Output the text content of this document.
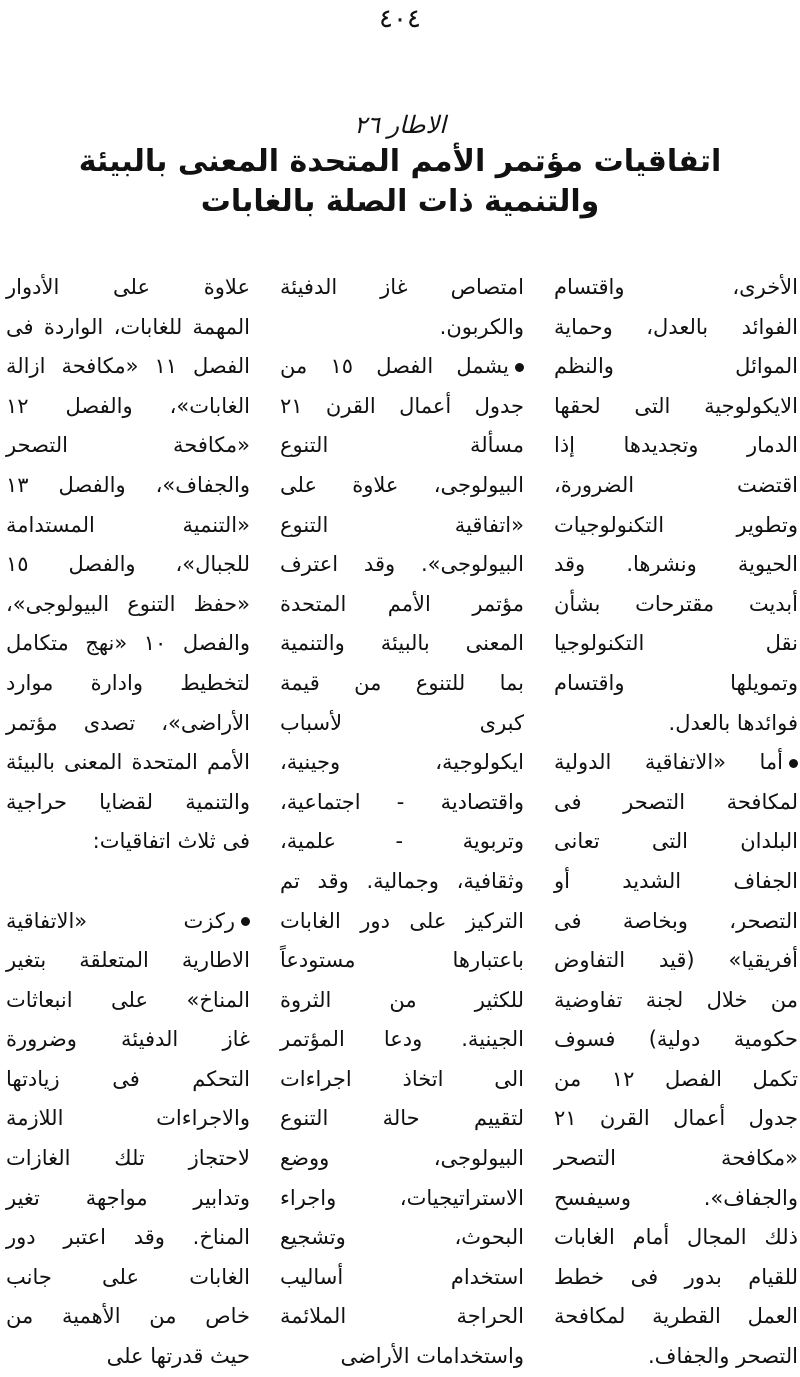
٤٠٤
الاطار ٢٦
اتفاقيات مؤتمر الأمم المتحدة المعنى بالبيئة
والتنمية ذات الصلة بالغابات
علاوة على الأدوار
المهمة للغابات، الواردة فى
الفصل ١١ «مكافحة ازالة
الغابات»، والفصل ١٢
«مكافحة التصحر
والجفاف»، والفصل ١٣
«التنمية المستدامة
للجبال»، والفصل ١٥
«حفظ التنوع البيولوجى»،
والفصل ١٠ «نهج متكامل
لتخطيط وادارة موارد
الأراضى»، تصدى مؤتمر
الأمم المتحدة المعنى بالبيئة
والتنمية لقضايا حراجية
فى ثلاث اتفاقيات:
ركزت «الاتفاقية
الاطارية المتعلقة بتغير
المناخ» على انبعاثات
غاز الدفيئة وضرورة
التحكم فى زيادتها
والاجراءات اللازمة
لاحتجاز تلك الغازات
وتدابير مواجهة تغير
المناخ. وقد اعتبر دور
الغابات على جانب
خاص من الأهمية من
حيث قدرتها على
امتصاص غاز الدفيئة
والكربون.
يشمل الفصل ١٥ من
جدول أعمال القرن ٢١
مسألة التنوع
البيولوجى، علاوة على
«اتفاقية التنوع
البيولوجى». وقد اعترف
مؤتمر الأمم المتحدة
المعنى بالبيئة والتنمية
بما للتنوع من قيمة
كبرى لأسباب
ايكولوجية، وجينية،
واقتصادية - اجتماعية،
وتربوية - علمية،
وثقافية، وجمالية. وقد تم
التركيز على دور الغابات
باعتبارها مستودعاً
للكثير من الثروة
الجينية. ودعا المؤتمر
الى اتخاذ اجراءات
لتقييم حالة التنوع
البيولوجى، ووضع
الاستراتيجيات، واجراء
البحوث، وتشجيع
استخدام أساليب
الحراجة الملائمة
واستخدامات الأراضى
الأخرى، واقتسام
الفوائد بالعدل، وحماية
الموائل والنظم
الايكولوجية التى لحقها
الدمار وتجديدها إذا
اقتضت الضرورة،
وتطوير التكنولوجيات
الحيوية ونشرها. وقد
أبديت مقترحات بشأن
نقل التكنولوجيا
وتمويلها واقتسام
فوائدها بالعدل.
أما «الاتفاقية الدولية
لمكافحة التصحر فى
البلدان التى تعانى
الجفاف الشديد أو
التصحر، وبخاصة فى
أفريقيا» (قيد التفاوض
من خلال لجنة تفاوضية
حكومية دولية) فسوف
تكمل الفصل ١٢ من
جدول أعمال القرن ٢١
«مكافحة التصحر
والجفاف». وسيفسح
ذلك المجال أمام الغابات
للقيام بدور فى خطط
العمل القطرية لمكافحة
التصحر والجفاف.
